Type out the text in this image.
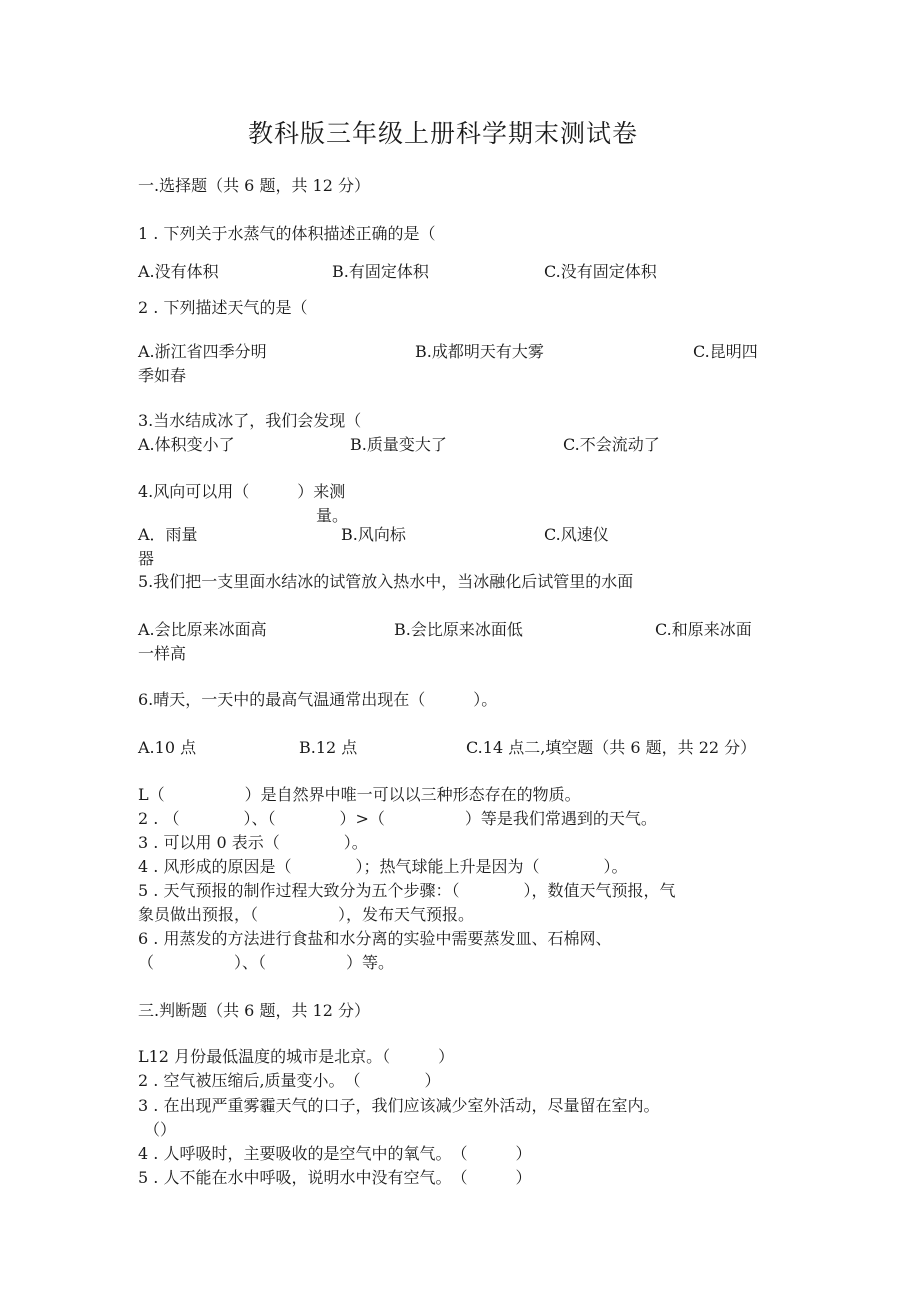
教科版三年级上册科学期末测试卷
一.选择题（共 6 题，共 12 分）
1 . 下列关于水蒸气的体积描述正确的是（
A.没有体积	B.有固定体积	C.没有固定体积
2 . 下列描述天气的是（
A.浙江省四季分明	B.成都明天有大雾	C.昆明四
季如春
3.当水结成冰了，我们会发现（
A.体积变小了	B.质量变大了	C.不会流动了
4.风向可以用（　　　）来测
量。
A．雨量	B.风向标	C.风速仪
器
5.我们把一支里面水结冰的试管放入热水中，当冰融化后试管里的水面
A.会比原来冰面高	B.会比原来冰面低	C.和原来冰面
一样高
6.晴天，一天中的最高气温通常出现在（　　　）。
A.10 点	B.12 点	C.14 点二,填空题（共 6 题，共 22 分）
L（　　　　　）是自然界中唯一可以以三种形态存在的物质。
2 . （　　　　）、（　　　　）>（　　　　　）等是我们常遇到的天气。
3 . 可以用 0 表示（　　　　）。
4 . 风形成的原因是（　　　　）；热气球能上升是因为（　　　　）。
5 . 天气预报的制作过程大致分为五个步骤：（　　　　），数值天气预报，气
象员做出预报，（　　　　　），发布天气预报。
6 . 用蒸发的方法进行食盐和水分离的实验中需要蒸发皿、石棉网、
（　　　　　）、（　　　　　）等。
三.判断题（共 6 题，共 12 分）
L12 月份最低温度的城市是北京。（　　　）
2 . 空气被压缩后,质量变小。　（　　　　）
3 . 在出现严重雾霾天气的口子，我们应该减少室外活动，尽量留在室内。
（）
4 . 人呼吸时，主要吸收的是空气中的氧气。　（　　　）
5 . 人不能在水中呼吸，说明水中没有空气。　（　　　）
